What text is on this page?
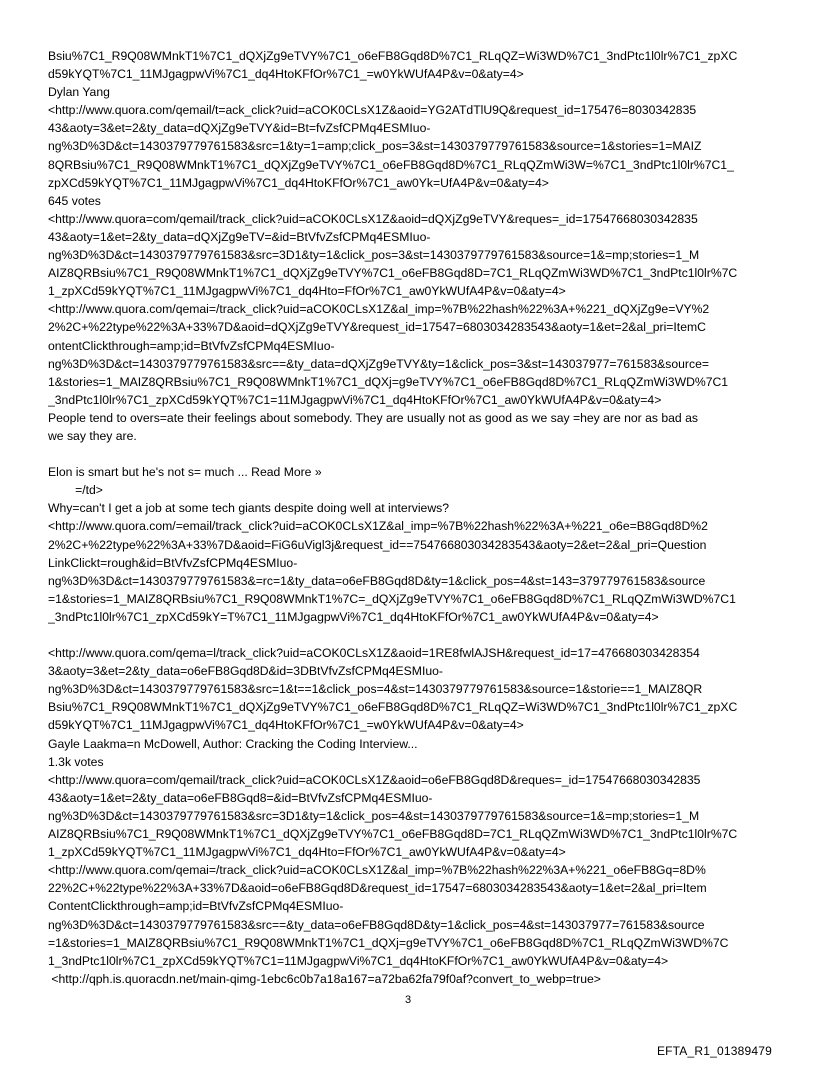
Bsiu%7C1_R9Q08WMnkT1%7C1_dQXjZg9eTVY%7C1_o6eFB8Gqd8D%7C1_RLqQZ=Wi3WD%7C1_3ndPtc1l0lr%7C1_zpXC
d59kYQT%7C1_11MJgagpwVi%7C1_dq4HtoKFfOr%7C1_=w0YkWUfA4P&v=0&aty=4>
Dylan Yang
<http://www.quora.com/qemail/t=ack_click?uid=aCOK0CLsX1Z&aoid=YG2ATdTlU9Q&request_id=175476=8030342835
43&aoty=3&et=2&ty_data=dQXjZg9eTVY&id=Bt=fvZsfCPMq4ESMIuo-
ng%3D%3D&ct=1430379779761583&src=1&ty=1=amp;click_pos=3&st=1430379779761583&source=1&stories=1=MAIZ
8QRBsiu%7C1_R9Q08WMnkT1%7C1_dQXjZg9eTVY%7C1_o6eFB8Gqd8D%7C1_RLqQZmWi3W=%7C1_3ndPtc1l0lr%7C1_
zpXCd59kYQT%7C1_11MJgagpwVi%7C1_dq4HtoKFfOr%7C1_aw0Yk=UfA4P&v=0&aty=4>
645 votes
<http://www.quora=com/qemail/track_click?uid=aCOK0CLsX1Z&aoid=dQXjZg9eTVY&reques=_id=17547668030342835
43&aoty=1&et=2&ty_data=dQXjZg9eTV=&id=BtVfvZsfCPMq4ESMIuo-
ng%3D%3D&ct=1430379779761583&src=3D1&ty=1&click_pos=3&st=1430379779761583&source=1&=mp;stories=1_M
AIZ8QRBsiu%7C1_R9Q08WMnkT1%7C1_dQXjZg9eTVY%7C1_o6eFB8Gqd8D=7C1_RLqQZmWi3WD%7C1_3ndPtc1l0lr%7C
1_zpXCd59kYQT%7C1_11MJgagpwVi%7C1_dq4Hto=FfOr%7C1_aw0YkWUfA4P&v=0&aty=4>
<http://www.quora.com/qemai=/track_click?uid=aCOK0CLsX1Z&al_imp=%7B%22hash%22%3A+%221_dQXjZg9e=VY%2
2%2C+%22type%22%3A+33%7D&aoid=dQXjZg9eTVY&request_id=17547=6803034283543&aoty=1&et=2&al_pri=ItemC
ontentClickthrough=amp;id=BtVfvZsfCPMq4ESMIuo-
ng%3D%3D&ct=1430379779761583&src==&ty_data=dQXjZg9eTVY&ty=1&click_pos=3&st=143037977=761583&source=
1&stories=1_MAIZ8QRBsiu%7C1_R9Q08WMnkT1%7C1_dQXj=g9eTVY%7C1_o6eFB8Gqd8D%7C1_RLqQZmWi3WD%7C1
_3ndPtc1l0lr%7C1_zpXCd59kYQT%7C1=11MJgagpwVi%7C1_dq4HtoKFfOr%7C1_aw0YkWUfA4P&v=0&aty=4>
People tend to overs=ate their feelings about somebody. They are usually not as good as we say =hey are nor as bad as
we say they are.
Elon is smart but he's not s= much ... Read More »
=/td>
Why=can't I get a job at some tech giants despite doing well at interviews?
<http://www.quora.com/=email/track_click?uid=aCOK0CLsX1Z&al_imp=%7B%22hash%22%3A+%221_o6e=B8Gqd8D%2
2%2C+%22type%22%3A+33%7D&aoid=FiG6uVigl3j&request_id==754766803034283543&aoty=2&et=2&al_pri=Question
LinkClickt=rough&id=BtVfvZsfCPMq4ESMIuo-
ng%3D%3D&ct=1430379779761583&=rc=1&ty_data=o6eFB8Gqd8D&ty=1&click_pos=4&st=143=379779761583&source
=1&stories=1_MAIZ8QRBsiu%7C1_R9Q08WMnkT1%7C=_dQXjZg9eTVY%7C1_o6eFB8Gqd8D%7C1_RLqQZmWi3WD%7C1
_3ndPtc1l0lr%7C1_zpXCd59kY=T%7C1_11MJgagpwVi%7C1_dq4HtoKFfOr%7C1_aw0YkWUfA4P&v=0&aty=4>
<http://www.quora.com/qema=l/track_click?uid=aCOK0CLsX1Z&aoid=1RE8fwlAJSH&request_id=17=476680303428354
3&aoty=3&et=2&ty_data=o6eFB8Gqd8D&id=3DBtVfvZsfCPMq4ESMIuo-
ng%3D%3D&ct=1430379779761583&src=1&t==1&click_pos=4&st=1430379779761583&source=1&storie==1_MAIZ8QR
Bsiu%7C1_R9Q08WMnkT1%7C1_dQXjZg9eTVY%7C1_o6eFB8Gqd8D%7C1_RLqQZ=Wi3WD%7C1_3ndPtc1l0lr%7C1_zpXC
d59kYQT%7C1_11MJgagpwVi%7C1_dq4HtoKFfOr%7C1_=w0YkWUfA4P&v=0&aty=4>
Gayle Laakma=n McDowell, Author: Cracking the Coding Interview...
1.3k votes
<http://www.quora=com/qemail/track_click?uid=aCOK0CLsX1Z&aoid=o6eFB8Gqd8D&reques=_id=17547668030342835
43&aoty=1&et=2&ty_data=o6eFB8Gqd8=&id=BtVfvZsfCPMq4ESMIuo-
ng%3D%3D&ct=1430379779761583&src=3D1&ty=1&click_pos=4&st=1430379779761583&source=1&=mp;stories=1_M
AIZ8QRBsiu%7C1_R9Q08WMnkT1%7C1_dQXjZg9eTVY%7C1_o6eFB8Gqd8D=7C1_RLqQZmWi3WD%7C1_3ndPtc1l0lr%7C
1_zpXCd59kYQT%7C1_11MJgagpwVi%7C1_dq4Hto=FfOr%7C1_aw0YkWUfA4P&v=0&aty=4>
<http://www.quora.com/qemai=/track_click?uid=aCOK0CLsX1Z&al_imp=%7B%22hash%22%3A+%221_o6eFB8Gq=8D%
22%2C+%22type%22%3A+33%7D&aoid=o6eFB8Gqd8D&request_id=17547=6803034283543&aoty=1&et=2&al_pri=Item
ContentClickthrough=amp;id=BtVfvZsfCPMq4ESMIuo-
ng%3D%3D&ct=1430379779761583&src==&ty_data=o6eFB8Gqd8D&ty=1&click_pos=4&st=143037977=761583&source
=1&stories=1_MAIZ8QRBsiu%7C1_R9Q08WMnkT1%7C1_dQXj=g9eTVY%7C1_o6eFB8Gqd8D%7C1_RLqQZmWi3WD%7C
1_3ndPtc1l0lr%7C1_zpXCd59kYQT%7C1=11MJgagpwVi%7C1_dq4HtoKFfOr%7C1_aw0YkWUfA4P&v=0&aty=4>
<http://qph.is.quoracdn.net/main-qimg-1ebc6c0b7a18a167=a72ba62fa79f0af?convert_to_webp=true>
3
EFTA_R1_01389479
